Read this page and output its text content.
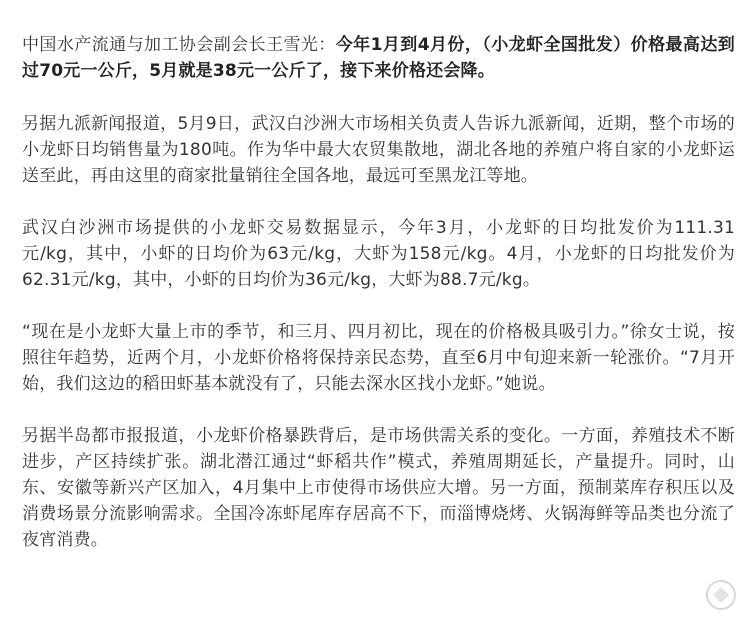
中国水产流通与加工协会副会长王雪光：今年1月到4月份，（小龙虾全国批发）价格最高达到过70元一公斤，5月就是38元一公斤了，接下来价格还会降。

另据九派新闻报道，5月9日，武汉白沙洲大市场相关负责人告诉九派新闻，近期，整个市场的小龙虾日均销售量为180吨。作为华中最大农贸集散地，湖北各地的养殖户将自家的小龙虾运送至此，再由这里的商家批量销往全国各地，最远可至黑龙江等地。

武汉白沙洲市场提供的小龙虾交易数据显示，今年3月，小龙虾的日均批发价为111.31元/kg，其中，小虾的日均价为63元/kg，大虾为158元/kg。4月，小龙虾的日均批发价为62.31元/kg，其中，小虾的日均价为36元/kg，大虾为88.7元/kg。

“现在是小龙虾大量上市的季节，和三月、四月初比，现在的价格极具吸引力。”徐女士说，按照往年趋势，近两个月，小龙虾价格将保持亲民态势，直至6月中旬迎来新一轮涨价。“7月开始，我们这边的稻田虾基本就没有了，只能去深水区找小龙虾。”她说。

另据半岛都市报报道，小龙虾价格暴跌背后，是市场供需关系的变化。一方面，养殖技术不断进步，产区持续扩张。湖北潜江通过“虾稻共作”模式，养殖周期延长，产量提升。同时，山东、安徽等新兴产区加入，4月集中上市使得市场供应大增。另一方面，预制菜库存积压以及消费场景分流影响需求。全国冷冻虾尾库存居高不下，而淄博烧烤、火锅海鲜等品类也分流了夜宵消费。
